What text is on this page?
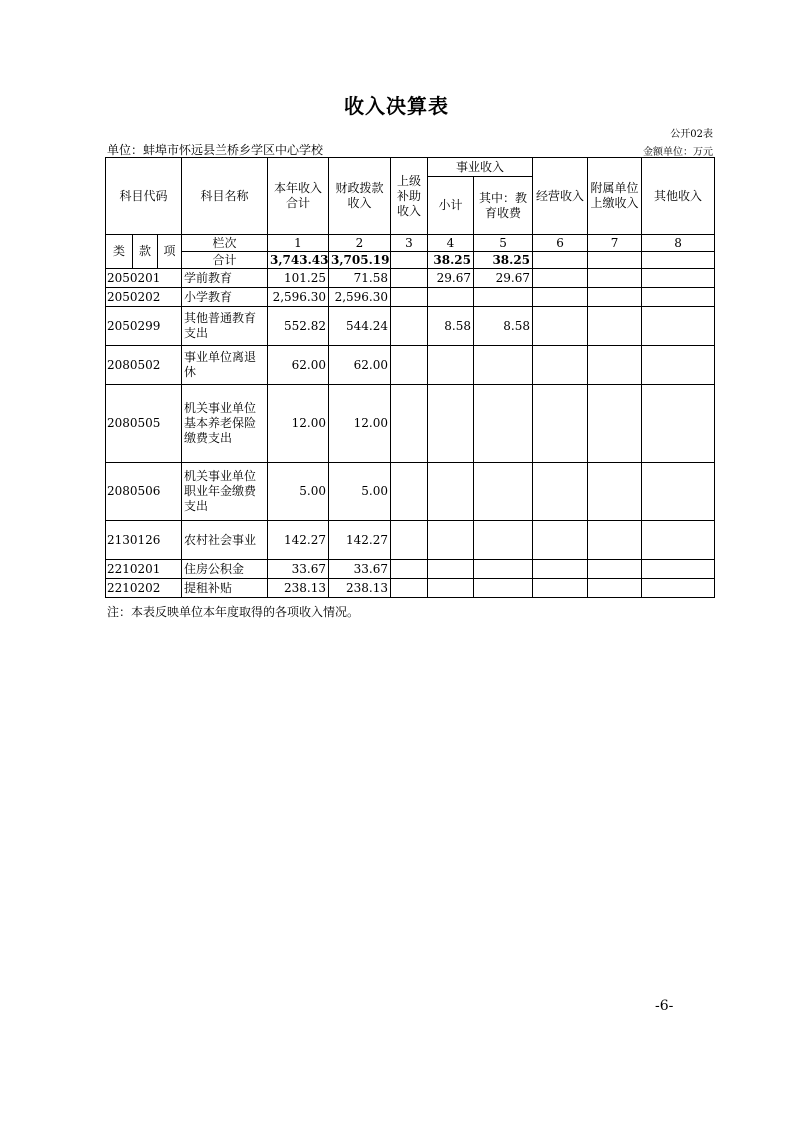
收入决算表
公开02表
单位：蚌埠市怀远县兰桥乡学区中心学校	金额单位：万元
科目代码			科目名称	本年收入合计	财政拨款收入	上级补助收入	事业收入		经营收入	附属单位上缴收入	其他收入
							小计	其中：教育收费			

类	款	项	栏次	1	2	3	4	5	6	7	8
			合计	3,743.43	3,705.19		38.25	38.25			
2050201			学前教育	101.25	71.58		29.67	29.67			
2050202			小学教育	2,596.30	2,596.30						
2050299			其他普通教育支出	552.82	544.24		8.58	8.58			
2080502			事业单位离退休	62.00	62.00						
2080505			机关事业单位基本养老保险缴费支出	12.00	12.00						
2080506			机关事业单位职业年金缴费支出	5.00	5.00						
2130126			农村社会事业	142.27	142.27						
2210201			住房公积金	33.67	33.67						
2210202			提租补贴	238.13	238.13						
注：本表反映单位本年度取得的各项收入情况。
-6-
